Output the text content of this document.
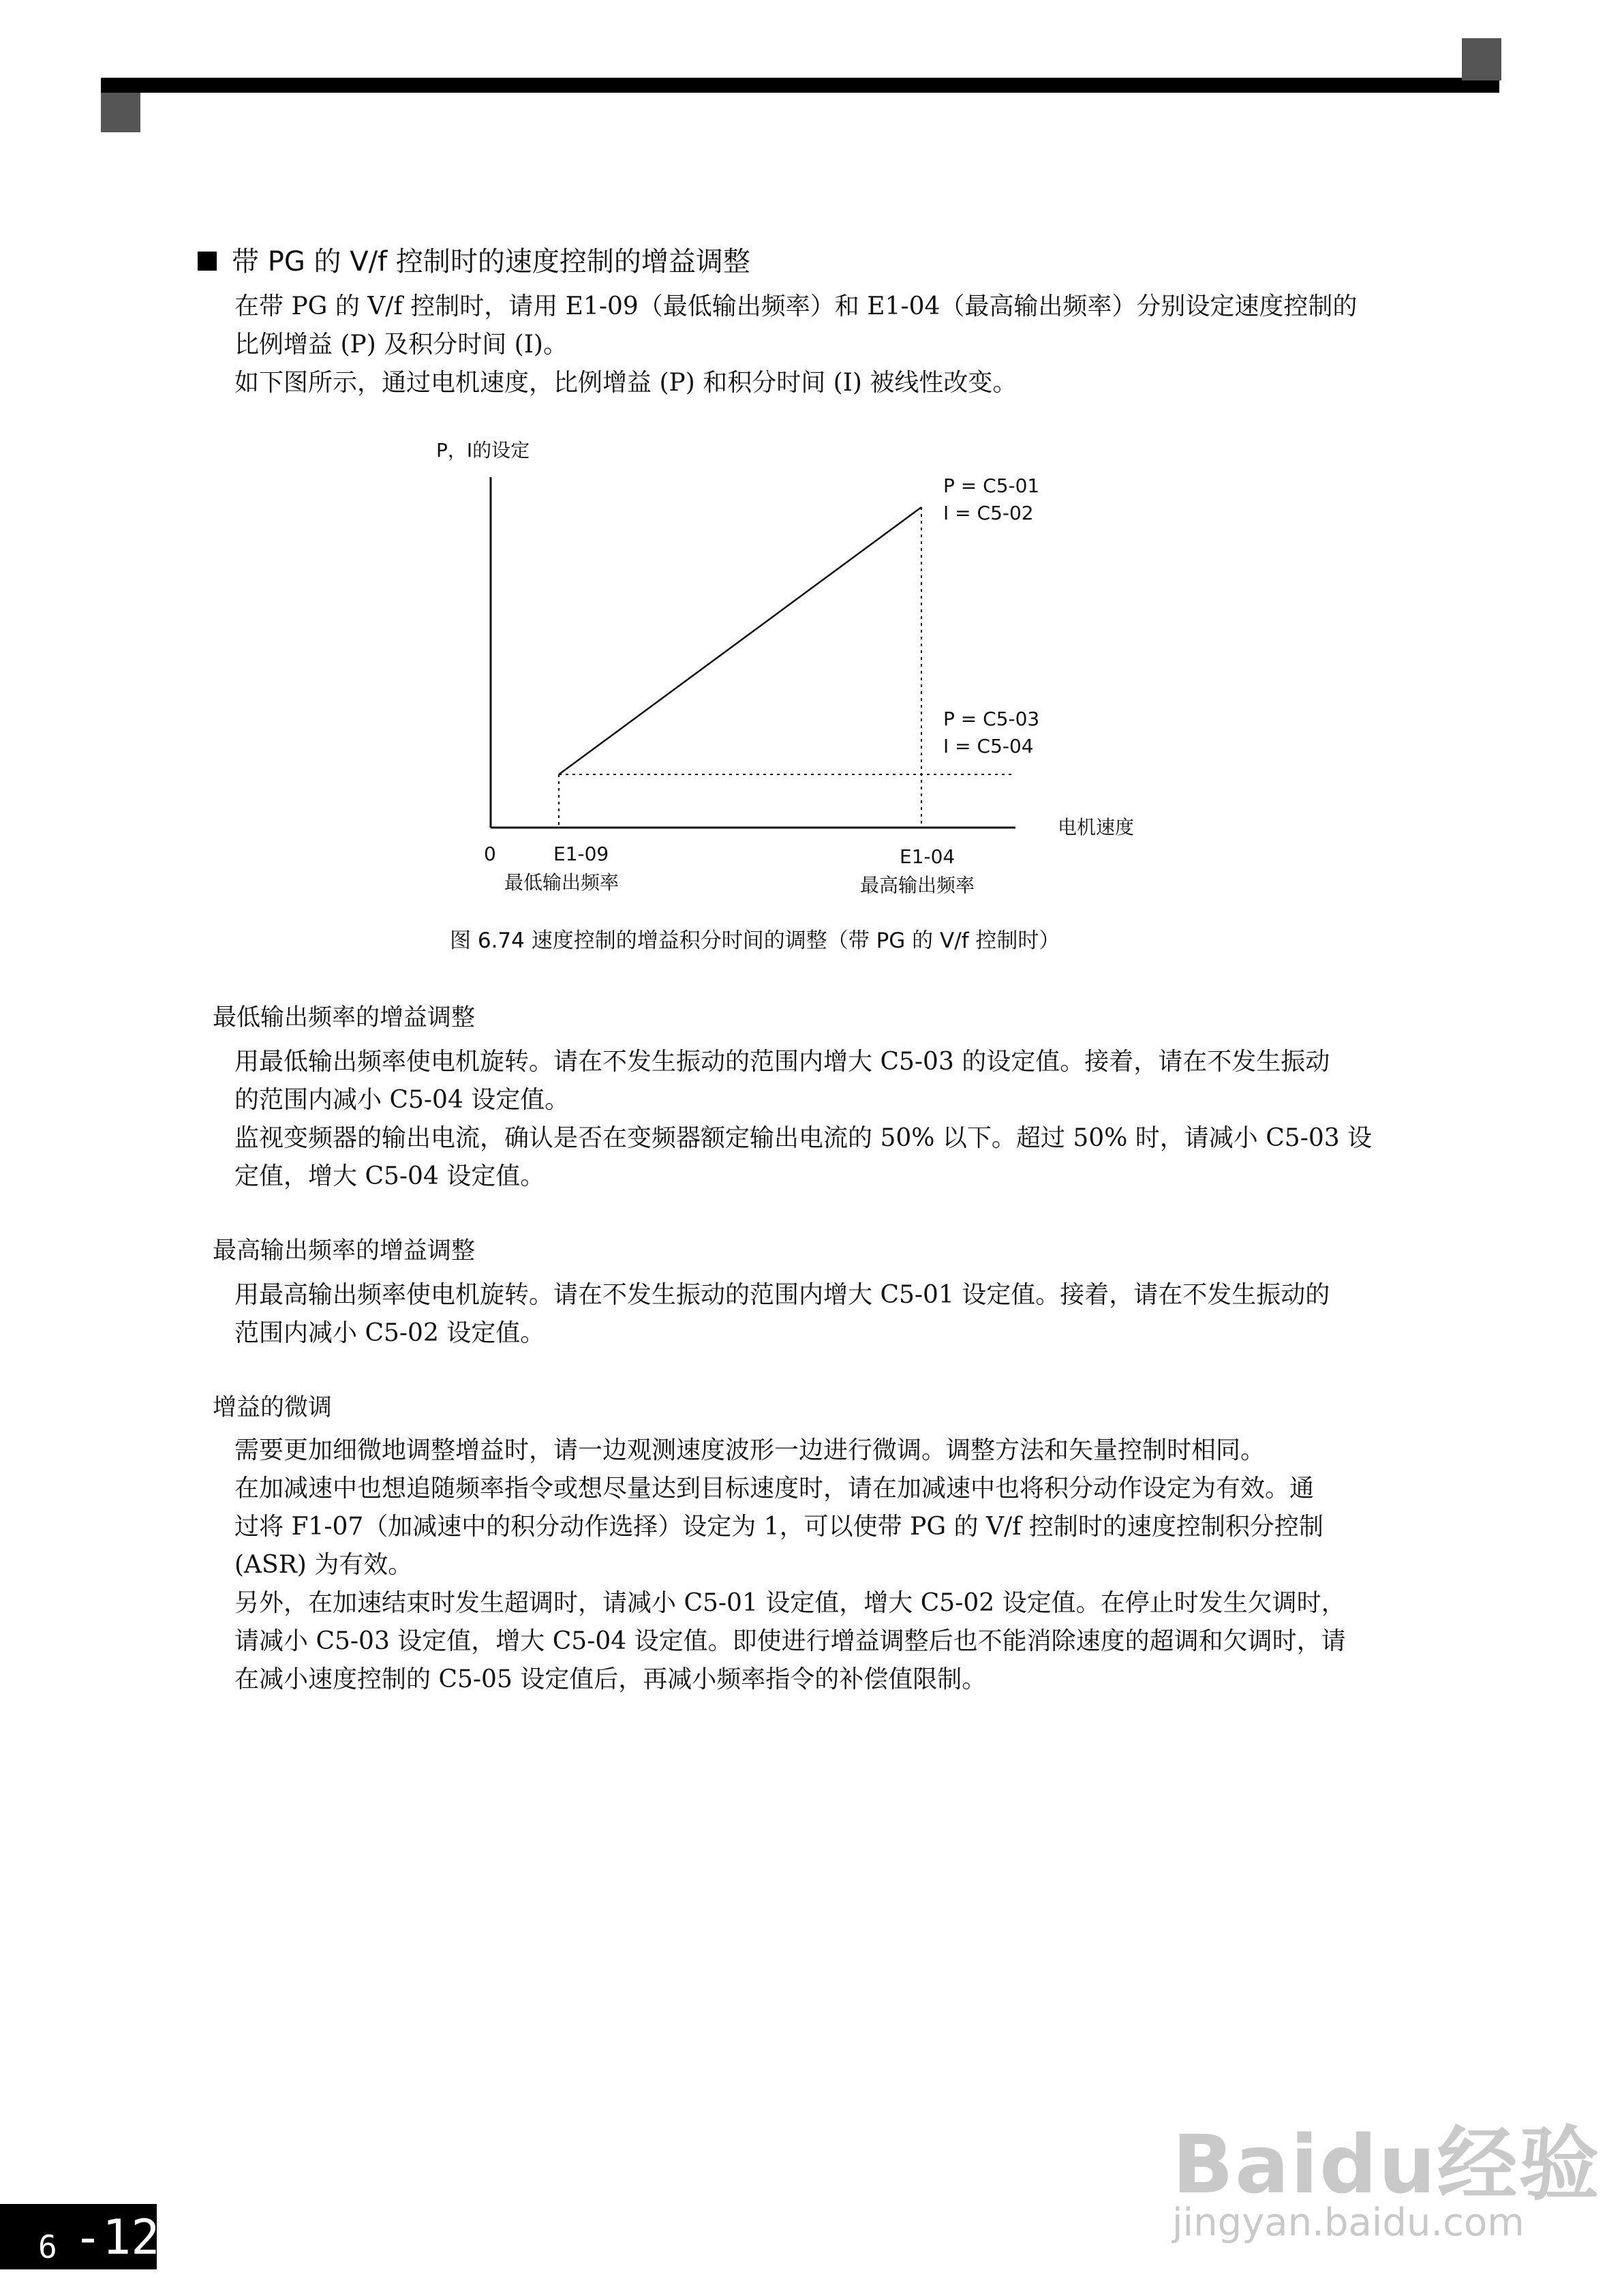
带 PG 的 V/f 控制时的速度控制的增益调整

在带 PG 的 V/f 控制时，请用 E1-09（最低输出频率）和 E1-04（最高输出频率）分别设定速度控制的

比例增益 (P) 及积分时间 (I)。

如下图所示，通过电机速度，比例增益 (P) 和积分时间 (I) 被线性改变。

P，I的设定
电机速度
0
P = C5-01
I = C5-02
P = C5-03
I = C5-04
E1-09
最低输出频率
E1-04
最高输出频率
图 6.74 速度控制的增益积分时间的调整（带 PG 的 V/f 控制时）
最低输出频率的增益调整

用最低输出频率使电机旋转。请在不发生振动的范围内增大 C5-03 的设定值。接着，请在不发生振动

的范围内减小 C5-04 设定值。

监视变频器的输出电流，确认是否在变频器额定输出电流的 50% 以下。超过 50% 时，请减小 C5-03 设

定值，增大 C5-04 设定值。

最高输出频率的增益调整

用最高输出频率使电机旋转。请在不发生振动的范围内增大 C5-01 设定值。接着，请在不发生振动的

范围内减小 C5-02 设定值。

增益的微调

需要更加细微地调整增益时，请一边观测速度波形一边进行微调。调整方法和矢量控制时相同。

在加减速中也想追随频率指令或想尽量达到目标速度时，请在加减速中也将积分动作设定为有效。通

过将 F1-07（加减速中的积分动作选择）设定为 1，可以使带 PG 的 V/f 控制时的速度控制积分控制

(ASR) 为有效。

另外，在加速结束时发生超调时，请减小 C5-01 设定值，增大 C5-02 设定值。在停止时发生欠调时，

请减小 C5-03 设定值，增大 C5-04 设定值。即使进行增益调整后也不能消除速度的超调和欠调时，请

在减小速度控制的 C5-05 设定值后，再减小频率指令的补偿值限制。

Baidu经验
jingyan.baidu.com
6 -126
